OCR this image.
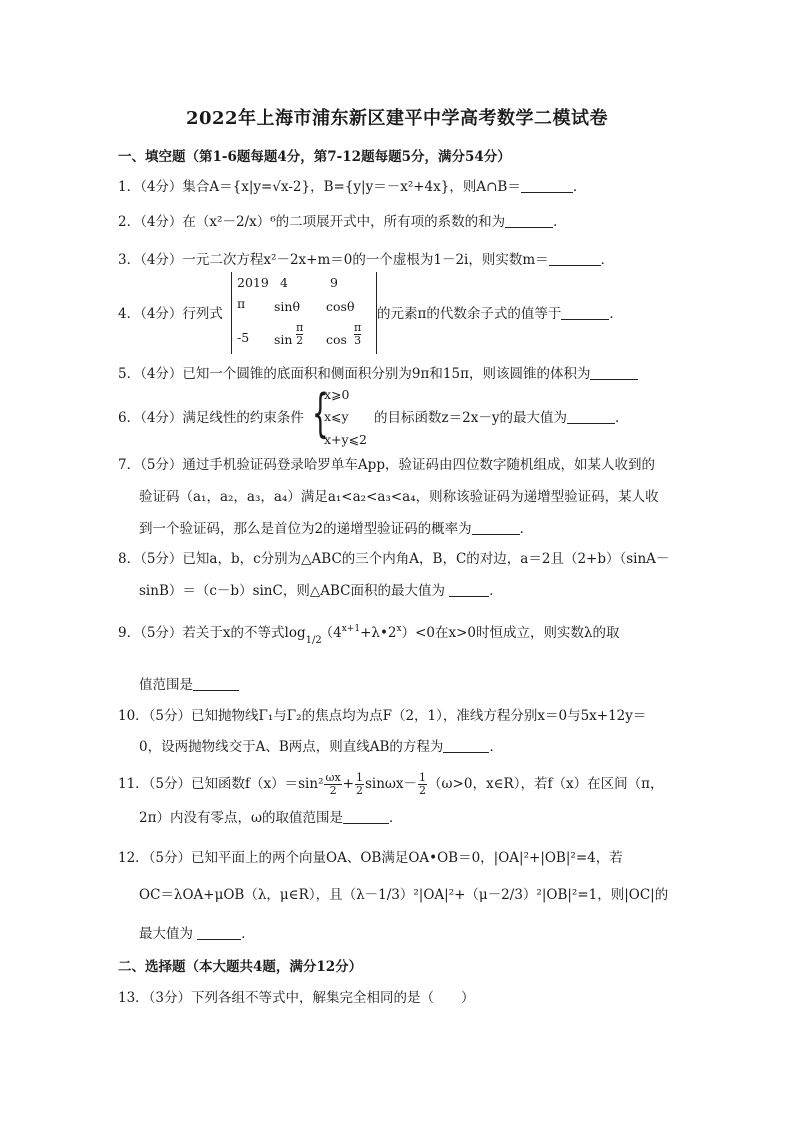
2022年上海市浦东新区建平中学高考数学二模试卷
一、填空题（第1-6题每题4分，第7-12题每题5分，满分54分）
1．（4分）集合A＝{x|y=√x-2}，B={y|y＝－x²+4x}，则A∩B＝	．
2．（4分）在（x²－2/x）⁶的二项展开式中，所有项的系数的和为	．
3．（4分）一元二次方程x²－2x+m＝0的一个虚根为1－2i，则实数m＝	．
4．（4分）行列式
2019 4	9
π sinθ cosθ
-5 $\sin \frac{\pi}{2}$ $\cos \frac{\pi}{3}$
的元素π的代数余子式的值等于	．
5．（4分）已知一个圆锥的底面积和侧面积分别为9π和15π，则该圆锥的体积为
6．（4分）满足线性的约束条件 {
x⩾0
x⩽y
x+y⩽2
的目标函数z＝2x－y的最大值为	．
7．（5分）通过手机验证码登录哈罗单车App，验证码由四位数字随机组成，如某人收到的
验证码（a₁，a₂，a₃，a₄）满足a₁<a₂<a₃<a₄，则称该验证码为递增型验证码，某人收
到一个验证码，那么是首位为2的递增型验证码的概率为	．
8．（5分）已知a，b，c分别为△ABC的三个内角A，B，C的对边，a＝2且（2+b）（sinA－
sinB）＝（c－b）sinC，则△ABC面积的最大值为	．
9．（5分）若关于x的不等式log 1/2
$(4^{x+1}+\lambda•2^x)<0$在x>0时恒成立，则实数λ的取
值范围是
10．（5分）已知抛物线Γ₁与Γ₂的焦点均为点F（2，1），准线方程分别x＝0与5x+12y＝
0，设两抛物线交于A、B两点，则直线AB的方程为	．
11．（5分）已知函数$f(x)=\sin^2 \frac{\omega x}{2} + \frac{1}{2} \sin\omega x- \frac{1}{2} (\omega>0$，x∈R），若f（x）在区间（π，
2π）内没有零点，ω的取值范围是	．
12．（5分）已知平面上的两个向量OA、OB满足OA•OB＝0，|OA|²+|OB|²=4，若
OC＝λOA+μOB（λ，μ∈R），且（λ－1/3）²|OA|²+（μ－2/3）²|OB|²=1，则|OC|的
最大值为	．
二、选择题（本大题共4题，满分12分）
13．（3分）下列各组不等式中，解集完全相同的是（　　）
